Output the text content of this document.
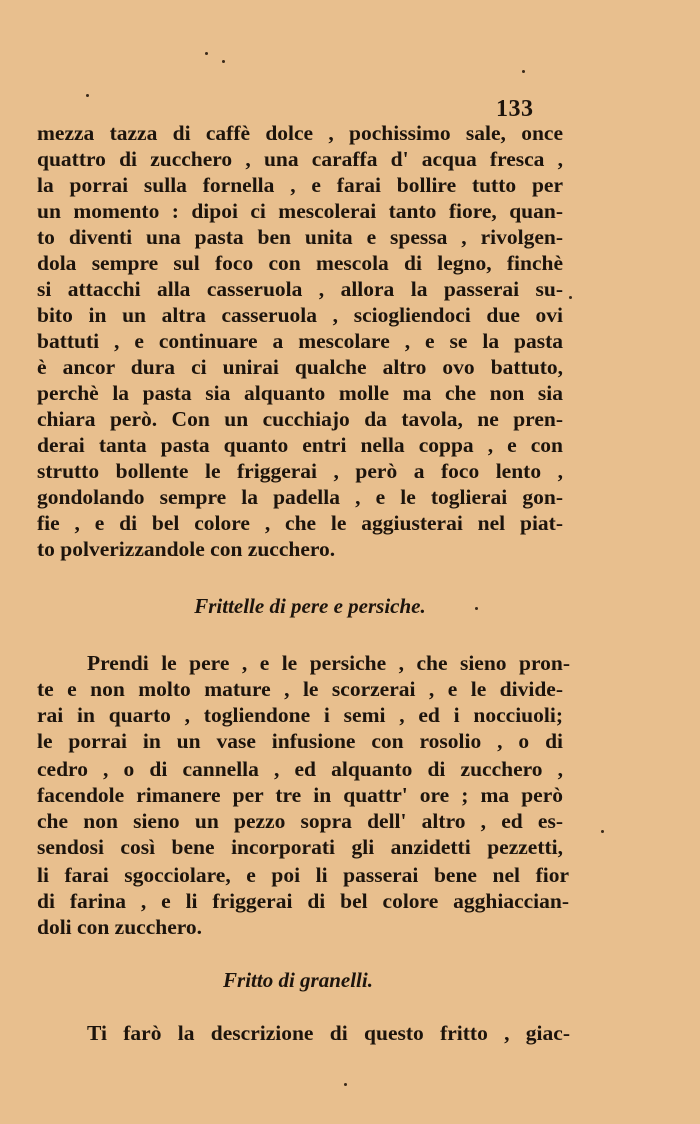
133
mezza tazza di caffè dolce , pochissimo sale, once
quattro di zucchero , una caraffa d' acqua fresca ,
la porrai sulla fornella , e farai bollire tutto per
un momento : dipoi ci mescolerai tanto fiore, quan-
to diventi una pasta ben unita e spessa , rivolgen-
dola sempre sul foco con mescola di legno, finchè
si attacchi alla casseruola , allora la passerai su-
bito in un altra casseruola , sciogliendoci due ovi
battuti , e continuare a mescolare , e se la pasta
è ancor dura ci unirai qualche altro ovo battuto,
perchè la pasta sia alquanto molle ma che non sia
chiara però. Con un cucchiajo da tavola, ne pren-
derai tanta pasta quanto entri nella coppa , e con
strutto bollente le friggerai , però a foco lento ,
gondolando sempre la padella , e le toglierai gon-
fie , e di bel colore , che le aggiusterai nel piat-
to polverizzandole con zucchero.
Frittelle di pere e persiche.
Prendi le pere , e le persiche , che sieno pron-
te e non molto mature , le scorzerai , e le divide-
rai in quarto , togliendone i semi , ed i nocciuoli;
le porrai in un vase infusione con rosolio , o di
cedro , o di cannella , ed alquanto di zucchero ,
facendole rimanere per tre in quattr' ore ; ma però
che non sieno un pezzo sopra dell' altro , ed es-
sendosi così bene incorporati gli anzidetti pezzetti,
li farai sgocciolare, e poi li passerai bene nel fior
di farina , e li friggerai di bel colore agghiaccian-
doli con zucchero.
Fritto di granelli.
Ti farò la descrizione di questo fritto , giac-
